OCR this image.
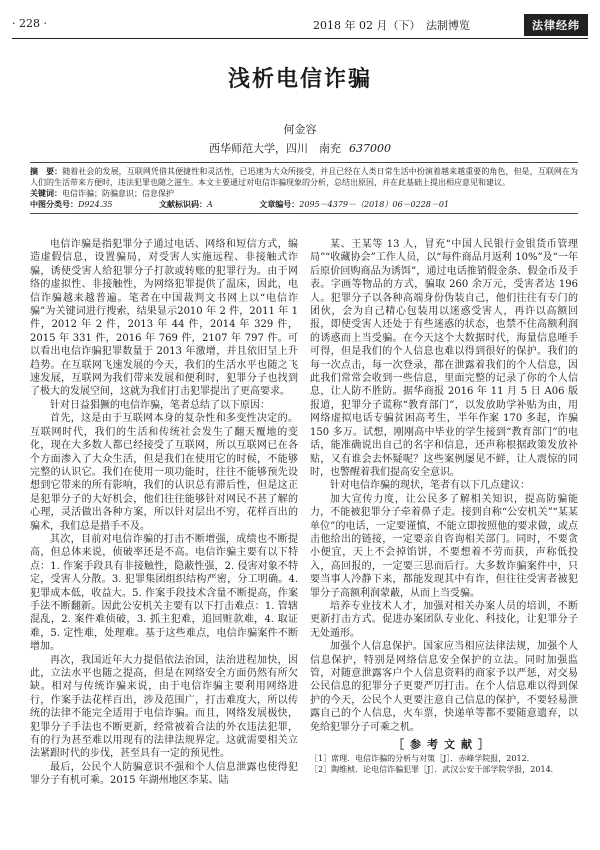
· 228 ·	2018 年 02 月（下）　法制博览	法律经纬
浅析电信诈骗
何金容
西华师范大学，四川　南充 637000

摘　要：随着社会的发展，互联网凭借其便捷性和灵活性，已迅速为大众所接受，并且已经在人类日常生活中扮演着越来越重要的角色，但是，互联网在为人们的生活带来方便时，违法犯罪也随之滋生。本文主要通过对电信诈骗现象的分析，总结出原因，并在此基础上提出相应意见和建议。

关键词：电信诈骗；防骗意识；信息保护

中图分类号：D924.35	文献标识码：A	文章编号：2095－4379－（2018）06－0228－01

电信诈骗是指犯罪分子通过电话、网络和短信方式，编造虚假信息，设置骗局，对受害人实施远程、非接触式诈骗，诱使受害人给犯罪分子打款或转账的犯罪行为。由于网络的虚拟性、非接触性，为网络犯罪提供了温床，因此，电信诈骗越来越普遍。笔者在中国裁判文书网上以“电信诈骗”为关键词进行搜索，结果显示2010 年 2 件，2011 年 1 件，2012 年 2 件，2013 年 44 件，2014 年 329 件，2015 年 331 件，2016 年 769 件，2107 年 797 件。可以看出电信诈骗犯罪数量于 2013 年激增，并且依旧呈上升趋势。在互联网飞速发展的今天，我们的生活水平也随之飞速发展，互联网为我们带来发展和便利时，犯罪分子也找到了极大的发展空间，这就为我们打击犯罪提出了更高要求。

针对日益猖獗的电信诈骗，笔者总结了以下原因：

首先，这是由于互联网本身的复杂性和多变性决定的。互联网时代，我们的生活和传统社会发生了翻天覆地的变化，现在大多数人都已经接受了互联网，所以互联网已在各个方面渗入了大众生活，但是我们在使用它的时候，不能够完整的认识它。我们在使用一项功能时，往往不能够预先设想到它带来的所有影响，我们的认识总有滞后性，但是这正是犯罪分子的大好机会，他们往往能够针对网民不甚了解的心理，灵活做出各种方案，所以针对层出不穷，花样百出的骗术，我们总是措手不及。

其次，目前对电信诈骗的打击不断增强，成绩也不断提高，但总体来说，侦破率还是不高。电信诈骗主要有以下特点：1. 作案手段具有非接触性，隐蔽性强，2. 侵害对象不特定，受害人分散。3. 犯罪集团组织结构严密，分工明确。4. 犯罪成本低，收益大。5. 作案手段技术含量不断提高，作案手法不断翻新。因此公安机关主要有以下打击难点：1. 管辖混乱，2. 案件难侦破，3. 抓主犯难，追回赃款难，4. 取证难，5. 定性难，处理难。基于这些难点，电信诈骗案件不断增加。

再次，我国近年大力提倡依法治国，法治进程加快，因此，立法水平也随之提高，但是在网络安全方面仍然有所欠缺。相对与传统诈骗来说，由于电信诈骗主要利用网络进行，作案手法花样百出，涉及范围广，打击难度大，所以传统的法律不能完全适用于电信诈骗。而且，网络发展极快，犯罪分子手法也不断更新，经常被着合法的外衣违法犯罪，有的行为甚至难以用现有的法律法规界定。这就需要相关立法紧跟时代的步伐，甚至具有一定的预见性。

最后，公民个人防骗意识不强和个人信息泄露也使得犯罪分子有机可乘。2015 年湖州地区李某、陆

某、王某等 13 人，冒充“中国人民银行金银货币管理局”“收藏协会”工作人员，以“每件商品月返利 10%”及“一年后原价回购商品为诱饵”，通过电话推销假金条、假金币及手表。字画等物品的方式，骗取 260 余万元，受害者达 196 人。犯罪分子以各种高端身份伪装自己，他们往往有专门的团伙，会为自己精心包装用以迷惑受害人，再许以高额回报，即使受害人还处于有些迷惑的状态，也禁不住高额利润的诱惑而上当受骗。在今天这个大数据时代，海量信息唾手可得，但是我们的个人信息也难以得到很好的保护。我们的每一次点击，每一次登录，都在泄露着我们的个人信息，因此我们常常会收到一些信息，里面完整的记录了你的个人信息，让人防不胜防。据华商报 2016 年 11 月 5 日 A06 版报道，犯罪分子谎称“教育部门”，以发放助学补贴为由，用网络虚拟电话专骗贫困高考生，半年作案 170 多起，诈骗 150 多万。试想，刚刚高中毕业的学生接到“教育部门”的电话，能准确说出自己的名字和信息，还声称根据政策发放补贴，又有谁会去怀疑呢？这些案例屡见不鲜，让人震惊的同时，也警醒着我们提高安全意识。

针对电信诈骗的现状，笔者有以下几点建议：

加大宣传力度，让公民多了解相关知识，提高防骗能力，不能被犯罪分子牵着鼻子走。接到自称“公安机关”“某某单位”的电话，一定要谨慎，不能立即按照他的要求做，或点击他给出的链接，一定要亲自咨询相关部门。同时，不要贪小便宜，天上不会掉馅饼，不要想着不劳而获，声称低投入，高回报的，一定要三思而后行。大多数诈骗案件中，只要当事人冷静下来，都能发现其中有诈，但往往受害者被犯罪分子高额利润蒙蔽，从而上当受骗。

培养专业技术人才，加强对相关办案人员的培训，不断更新打击方式。促进办案团队专业化、科技化，让犯罪分子无处遁形。

加强个人信息保护。国家应当相应法律法规，加强个人信息保护，特别是网络信息安全保护的立法。同时加强监管，对随意泄露客户个人信息资料的商家予以严惩，对交易公民信息的犯罪分子更要严厉打击。在个人信息难以得到保护的今天，公民个人更要注意自己信息的保护，不要轻易泄露自己的个人信息，火车票，快递单等都不要随意遗弃，以免给犯罪分子可乘之机。

［参考文献］

［1］席理．电信诈骗的分析与对策［J］．赤峰学院报，2012．

［2］陶维桢．论电信诈骗犯罪［J］．武汉公安干部学院学报，2014．
